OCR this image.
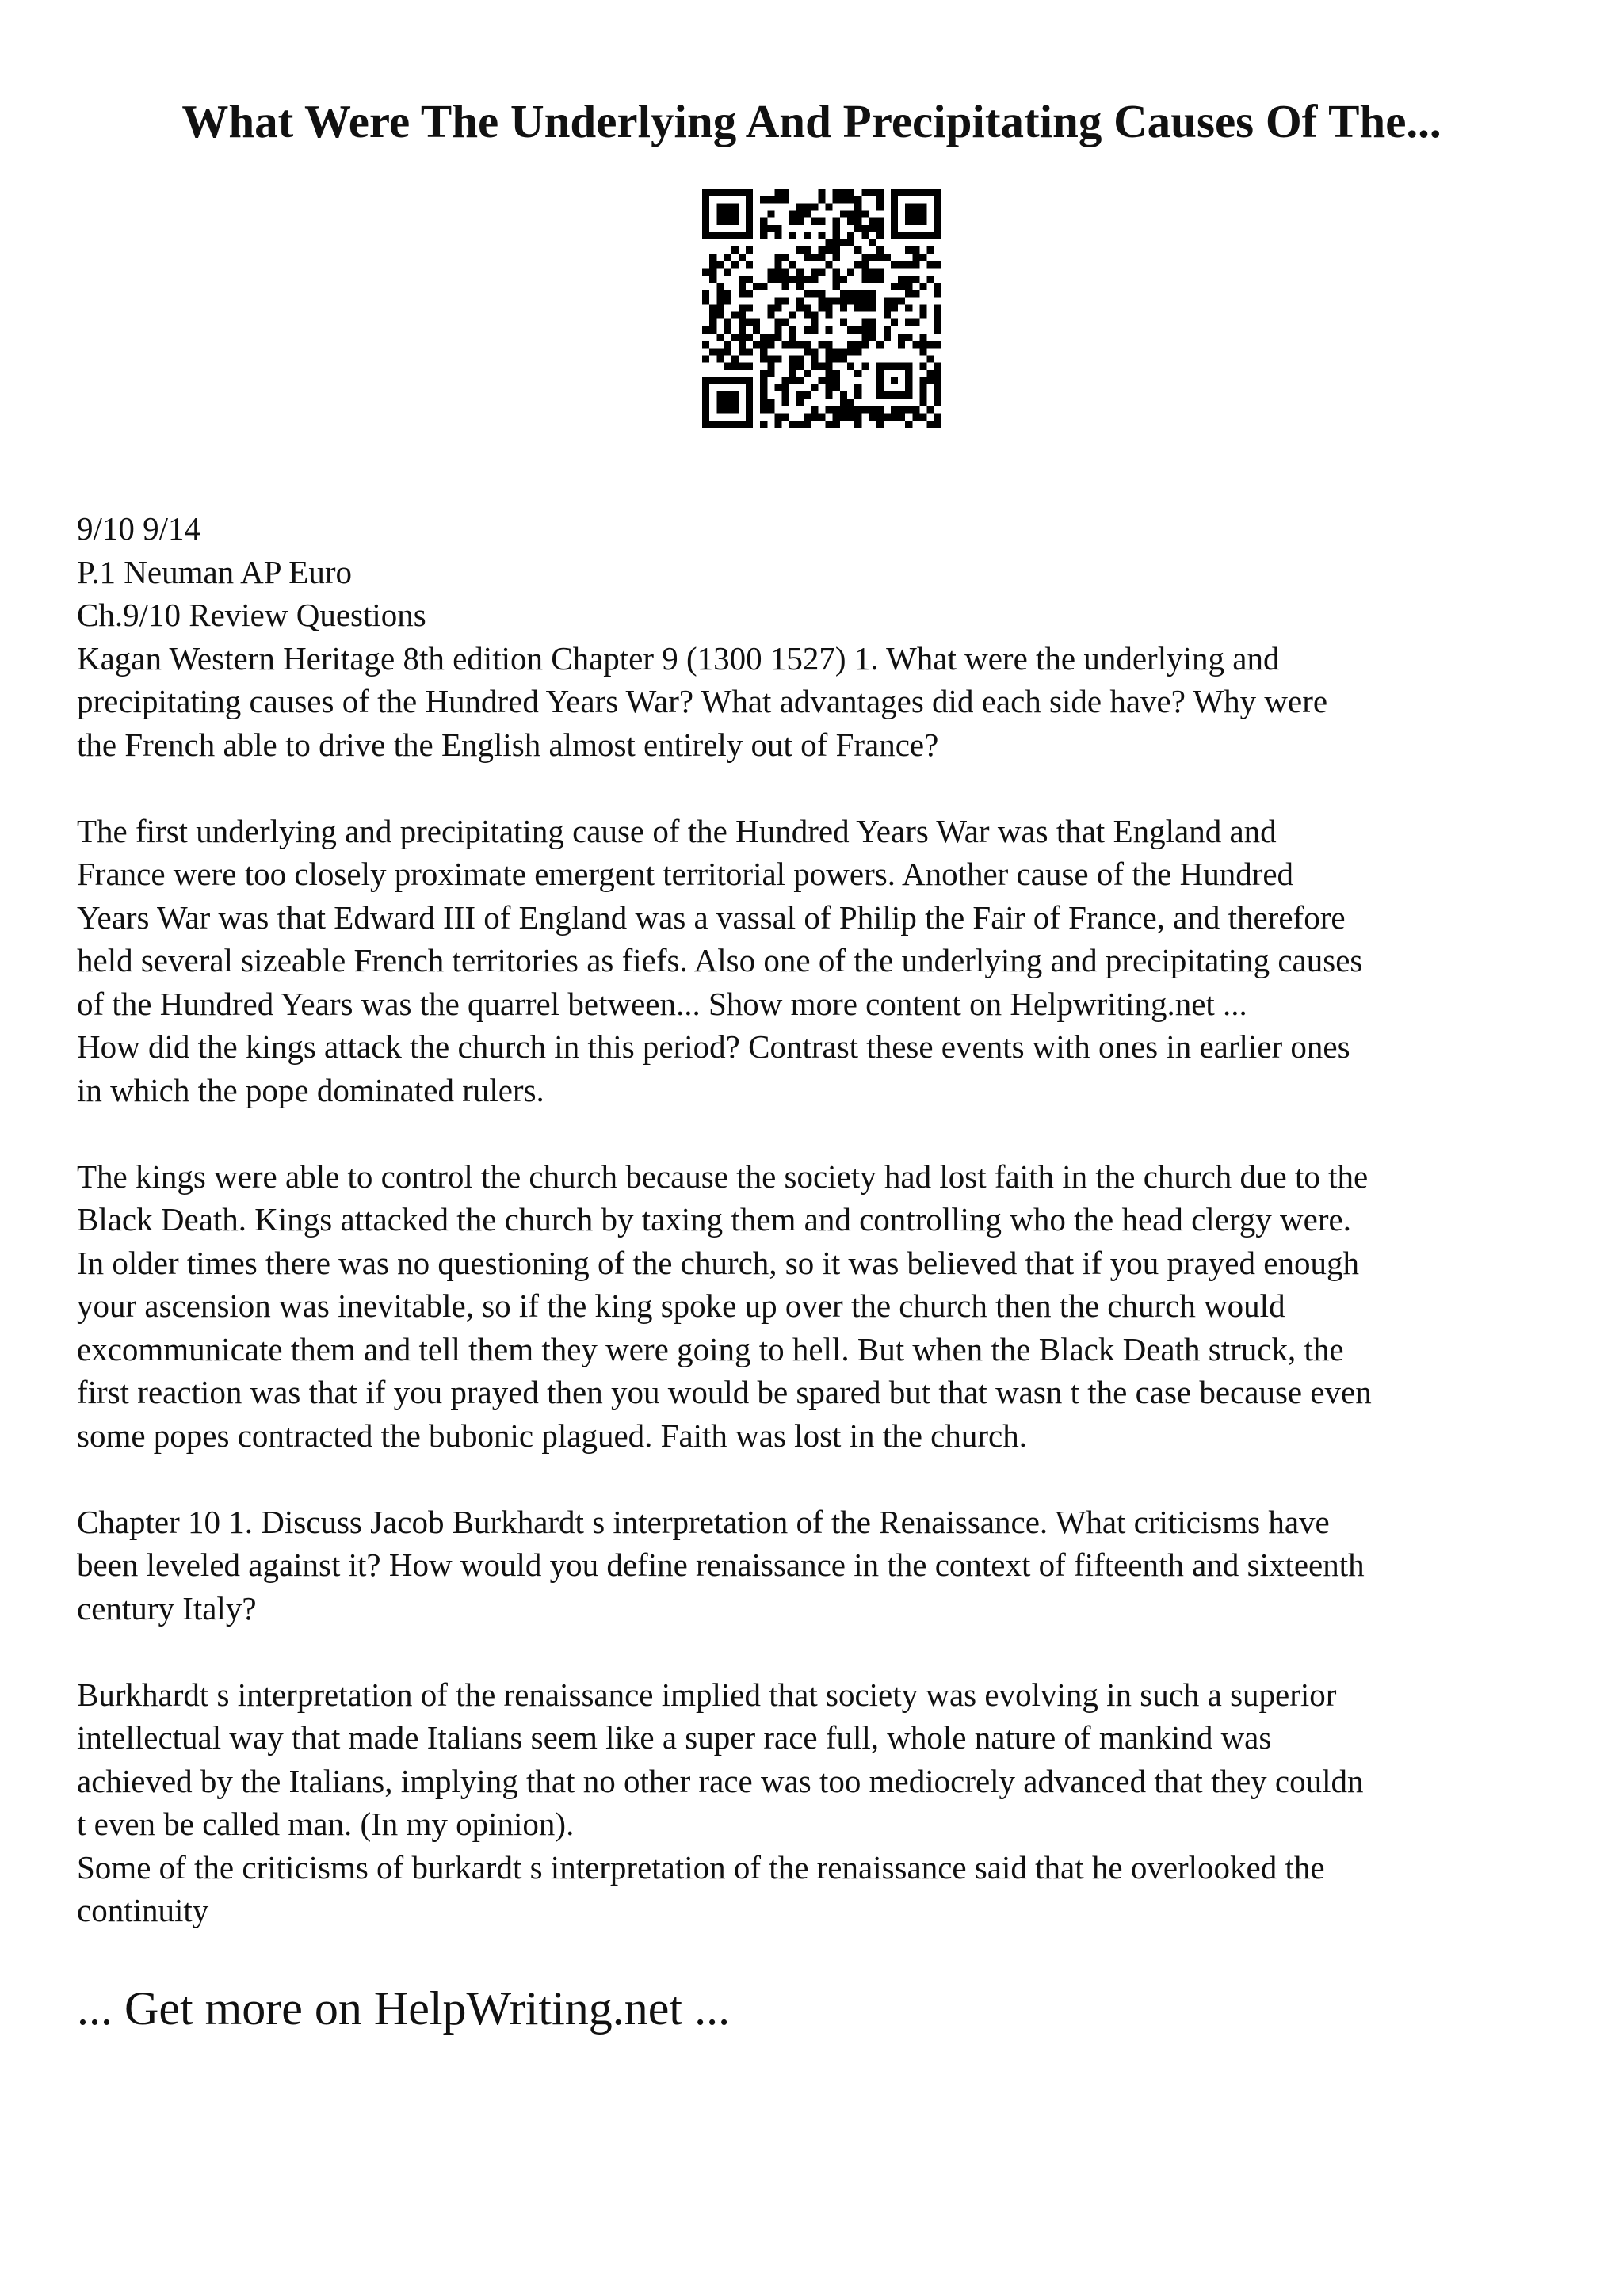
What Were The Underlying And Precipitating Causes Of The...
9/10 9/14
P.1 Neuman AP Euro
Ch.9/10 Review Questions
Kagan Western Heritage 8th edition Chapter 9 (1300 1527) 1. What were the underlying and
precipitating causes of the Hundred Years War? What advantages did each side have? Why were
the French able to drive the English almost entirely out of France?
The first underlying and precipitating cause of the Hundred Years War was that England and
France were too closely proximate emergent territorial powers. Another cause of the Hundred
Years War was that Edward III of England was a vassal of Philip the Fair of France, and therefore
held several sizeable French territories as fiefs. Also one of the underlying and precipitating causes
of the Hundred Years was the quarrel between... Show more content on Helpwriting.net ...
How did the kings attack the church in this period? Contrast these events with ones in earlier ones
in which the pope dominated rulers.
The kings were able to control the church because the society had lost faith in the church due to the
Black Death. Kings attacked the church by taxing them and controlling who the head clergy were.
In older times there was no questioning of the church, so it was believed that if you prayed enough
your ascension was inevitable, so if the king spoke up over the church then the church would
excommunicate them and tell them they were going to hell. But when the Black Death struck, the
first reaction was that if you prayed then you would be spared but that wasn t the case because even
some popes contracted the bubonic plagued. Faith was lost in the church.
Chapter 10 1. Discuss Jacob Burkhardt s interpretation of the Renaissance. What criticisms have
been leveled against it? How would you define renaissance in the context of fifteenth and sixteenth
century Italy?
Burkhardt s interpretation of the renaissance implied that society was evolving in such a superior
intellectual way that made Italians seem like a super race full, whole nature of mankind was
achieved by the Italians, implying that no other race was too mediocrely advanced that they couldn
t even be called man. (In my opinion).
Some of the criticisms of burkardt s interpretation of the renaissance said that he overlooked the
continuity
... Get more on HelpWriting.net ...
